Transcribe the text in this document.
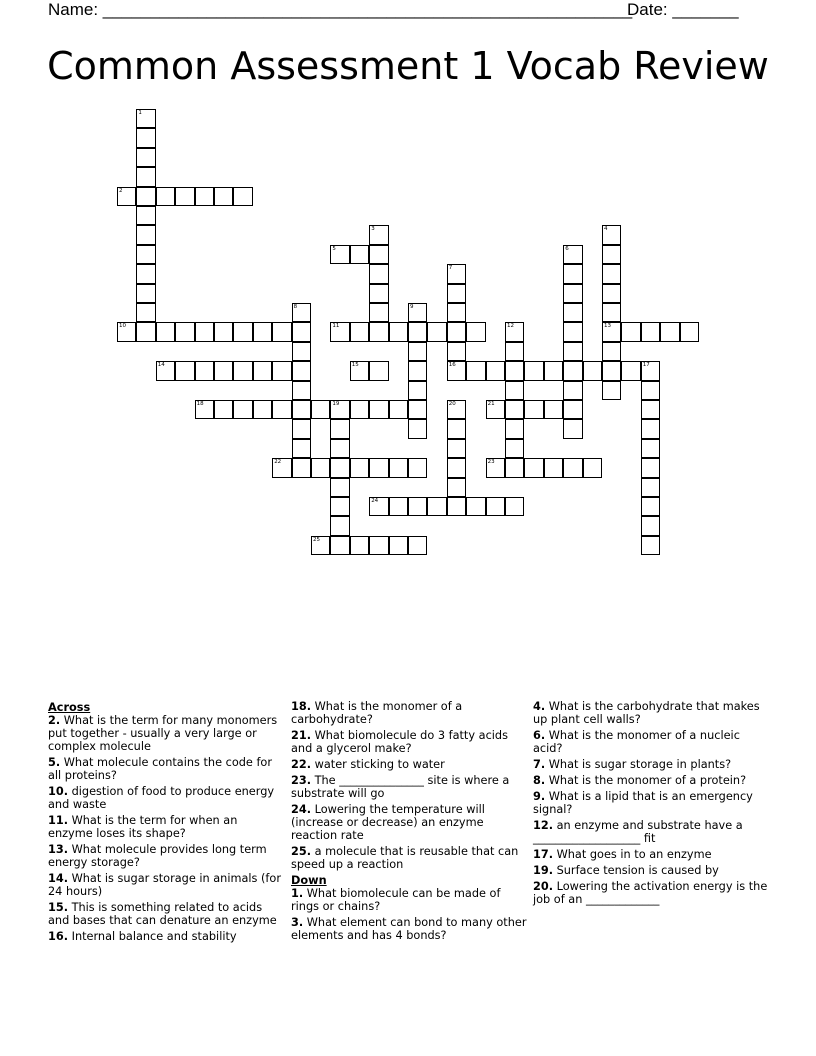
Name: ________________________________________________________
Date: _______
Common Assessment 1 Vocab Review
1
2
3	4
13
5	6
7
8	9
10	11	12
14	15	16	17
18	19	20	21
22	23
24
25
Across
2. What is the term for many monomers put together - usually a very large or complex molecule
5. What molecule contains the code for all proteins?
10. digestion of food to produce energy and waste
11. What is the term for when an enzyme loses its shape?
13. What molecule provides long term energy storage?
14. What is sugar storage in animals (for 24 hours)
15. This is something related to acids and bases that can denature an enzyme
16. Internal balance and stability
18. What is the monomer of a carbohydrate?
21. What biomolecule do 3 fatty acids and a glycerol make?
22. water sticking to water
23. The _______________ site is where a substrate will go
24. Lowering the temperature will (increase or decrease) an enzyme reaction rate
25. a molecule that is reusable that can speed up a reaction
Down
1. What biomolecule can be made of rings or chains?
3. What element can bond to many other elements and has 4 bonds?
4. What is the carbohydrate that makes up plant cell walls?
6. What is the monomer of a nucleic acid?
7. What is sugar storage in plants?
8. What is the monomer of a protein?
9. What is a lipid that is an emergency signal?
12. an enzyme and substrate have a ___________________ fit
17. What goes in to an enzyme
19. Surface tension is caused by
20. Lowering the activation energy is the job of an _____________
